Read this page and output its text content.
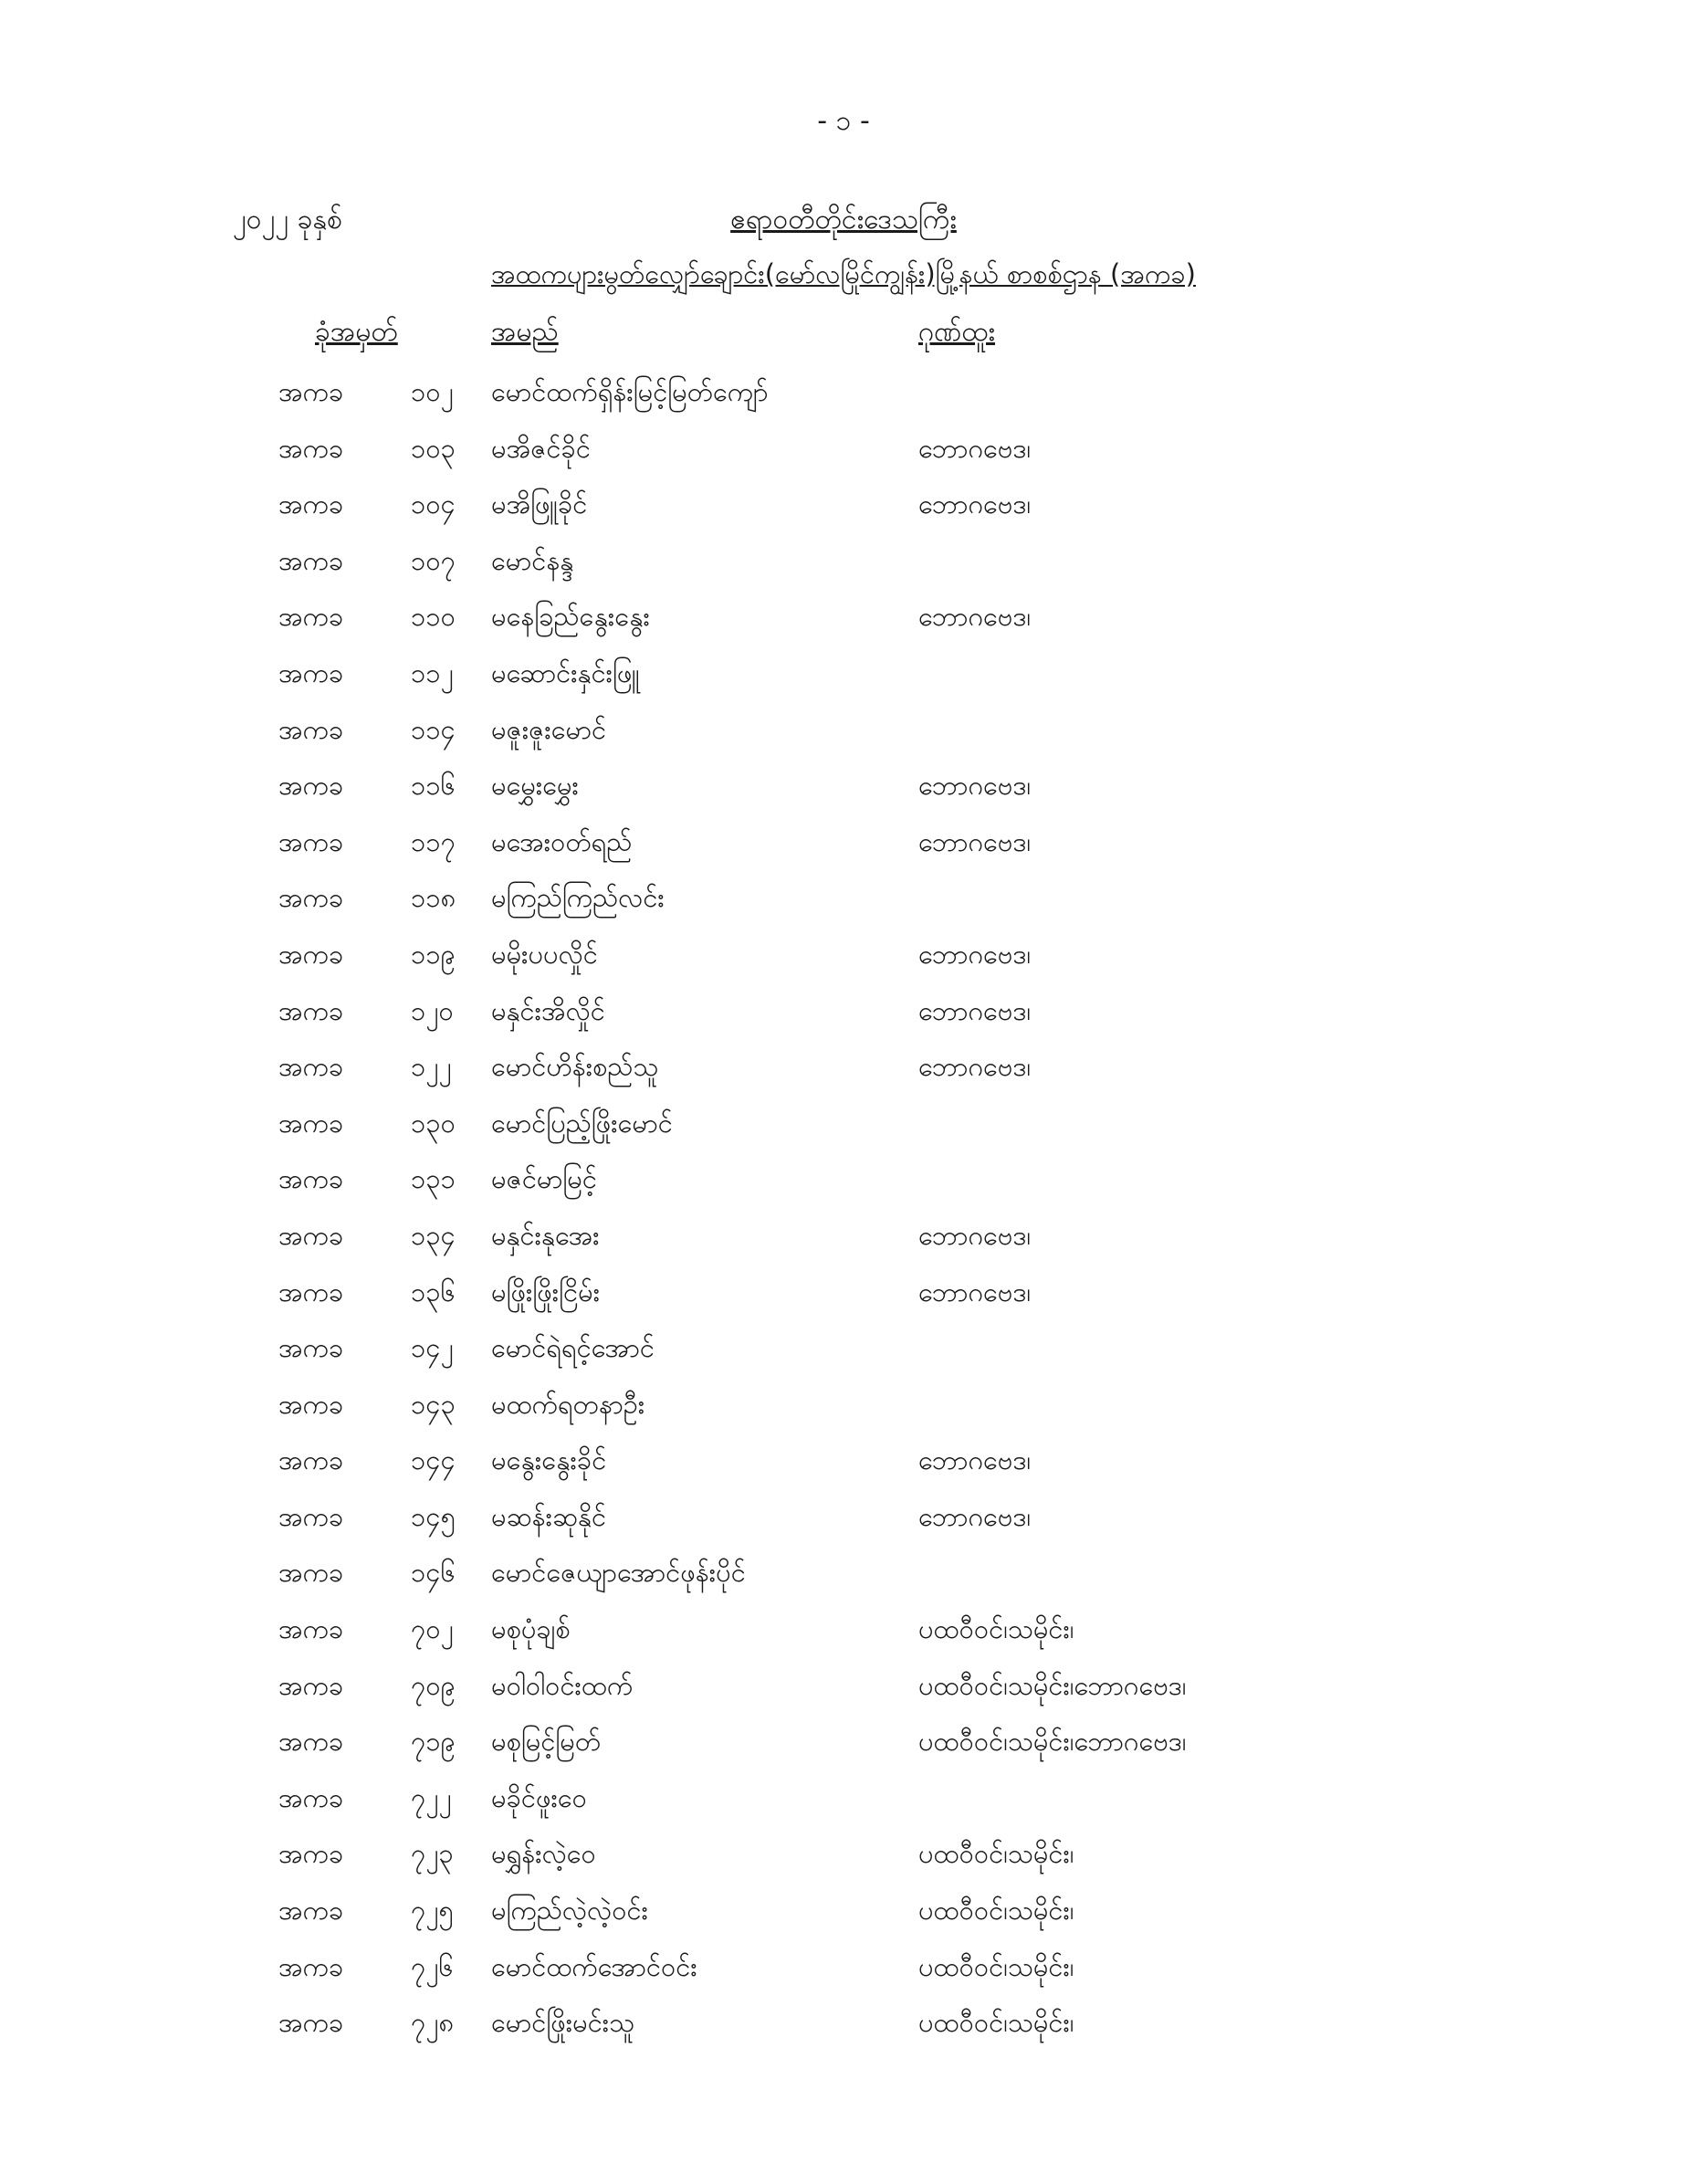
- ၁ -
၂၀၂၂ ခုနှစ်	ဧရာဝတီတိုင်းဒေသကြီး
အထကပျားမွတ်လျှော်ချောင်း(မော်လမြိုင်ကျွန်း)မြို့နယ် စာစစ်ဌာန (အကခ)
ခုံအမှတ်	အမည်	ဂုဏ်ထူး
အကခ	၁၀၂ မောင်ထက်ရှိန်းမြင့်မြတ်ကျော်
အကခ	၁၀၃ မအိဇင်ခိုင်	ဘောဂဗေဒ၊
အကခ	၁၀၄ မအိဖြူခိုင်	ဘောဂဗေဒ၊
အကခ	၁၀၇ မောင်နန္ဒ
အကခ	၁၁၀ မနေခြည်နွေးနွေး	ဘောဂဗေဒ၊
အကခ	၁၁၂ မဆောင်းနှင်းဖြူ
အကခ	၁၁၄ မဇူးဇူးမောင်
အကခ	၁၁၆ မမွှေးမွှေး	ဘောဂဗေဒ၊
အကခ	၁၁၇ မအေးဝတ်ရည်	ဘောဂဗေဒ၊
အကခ	၁၁၈ မကြည်ကြည်လင်း
အကခ	၁၁၉ မမိုးပပလှိုင်	ဘောဂဗေဒ၊
အကခ	၁၂၀ မနှင်းအိလှိုင်	ဘောဂဗေဒ၊
အကခ	၁၂၂ မောင်ဟိန်းစည်သူ	ဘောဂဗေဒ၊
အကခ	၁၃၀ မောင်ပြည့်ဖြိုးမောင်
အကခ	၁၃၁ မဇင်မာမြင့်
အကခ	၁၃၄ မနှင်းနုအေး	ဘောဂဗေဒ၊
အကခ	၁၃၆ မဖြိုးဖြိုးငြိမ်း	ဘောဂဗေဒ၊
အကခ	၁၄၂ မောင်ရဲရင့်အောင်
အကခ	၁၄၃ မထက်ရတနာဦး
အကခ	၁၄၄ မနွေးနွေးခိုင်	ဘောဂဗေဒ၊
အကခ	၁၄၅ မဆန်းဆုနိုင်	ဘောဂဗေဒ၊
အကခ	၁၄၆ မောင်ဇေယျာအောင်ဖုန်းပိုင်
အကခ	၇၀၂ မစုပုံချစ်	ပထဝီဝင်၊သမိုင်း၊
အကခ	၇၀၉ မဝါဝါဝင်းထက်	ပထဝီဝင်၊သမိုင်း၊ဘောဂဗေဒ၊
အကခ	၇၁၉ မစုမြင့်မြတ်	ပထဝီဝင်၊သမိုင်း၊ဘောဂဗေဒ၊
အကခ	၇၂၂ မခိုင်ဖူးဝေ
အကခ	၇၂၃ မရွှန်းလဲ့ဝေ	ပထဝီဝင်၊သမိုင်း၊
အကခ	၇၂၅ မကြည်လဲ့လဲ့ဝင်း	ပထဝီဝင်၊သမိုင်း၊
အကခ	၇၂၆ မောင်ထက်အောင်ဝင်း	ပထဝီဝင်၊သမိုင်း၊
အကခ	၇၂၈ မောင်ဖြိုးမင်းသူ	ပထဝီဝင်၊သမိုင်း၊
